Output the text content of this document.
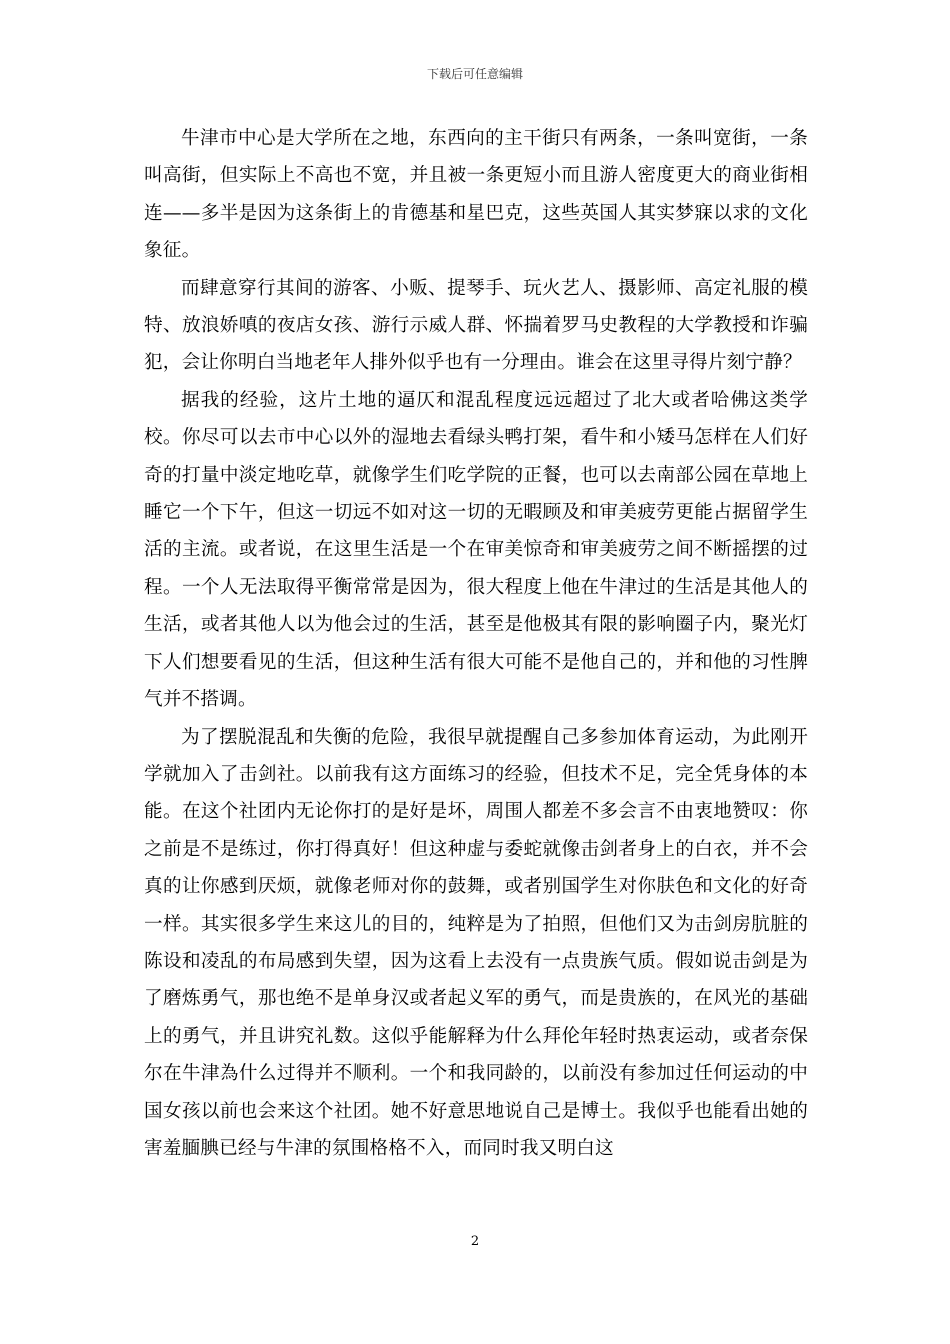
下载后可任意编辑

牛津市中心是大学所在之地，东西向的主干街只有两条，一条叫宽街，一条叫高街，但实际上不高也不宽，并且被一条更短小而且游人密度更大的商业街相连——多半是因为这条街上的肯德基和星巴克，这些英国人其实梦寐以求的文化象征。

而肆意穿行其间的游客、小贩、提琴手、玩火艺人、摄影师、高定礼服的模特、放浪娇嗔的夜店女孩、游行示威人群、怀揣着罗马史教程的大学教授和诈骗犯，会让你明白当地老年人排外似乎也有一分理由。谁会在这里寻得片刻宁静？

据我的经验，这片土地的逼仄和混乱程度远远超过了北大或者哈佛这类学校。你尽可以去市中心以外的湿地去看绿头鸭打架，看牛和小矮马怎样在人们好奇的打量中淡定地吃草，就像学生们吃学院的正餐，也可以去南部公园在草地上睡它一个下午，但这一切远不如对这一切的无暇顾及和审美疲劳更能占据留学生活的主流。或者说，在这里生活是一个在审美惊奇和审美疲劳之间不断摇摆的过程。一个人无法取得平衡常常是因为，很大程度上他在牛津过的生活是其他人的生活，或者其他人以为他会过的生活，甚至是他极其有限的影响圈子内，聚光灯下人们想要看见的生活，但这种生活有很大可能不是他自己的，并和他的习性脾气并不搭调。

为了摆脱混乱和失衡的危险，我很早就提醒自己多参加体育运动，为此刚开学就加入了击剑社。以前我有这方面练习的经验，但技术不足，完全凭身体的本能。在这个社团内无论你打的是好是坏，周围人都差不多会言不由衷地赞叹：你之前是不是练过，你打得真好！但这种虚与委蛇就像击剑者身上的白衣，并不会真的让你感到厌烦，就像老师对你的鼓舞，或者别国学生对你肤色和文化的好奇一样。其实很多学生来这儿的目的，纯粹是为了拍照，但他们又为击剑房肮脏的陈设和凌乱的布局感到失望，因为这看上去没有一点贵族气质。假如说击剑是为了磨炼勇气，那也绝不是单身汉或者起义军的勇气，而是贵族的，在风光的基础上的勇气，并且讲究礼数。这似乎能解释为什么拜伦年轻时热衷运动，或者奈保尔在牛津為什么过得并不顺利。一个和我同龄的，以前没有参加过任何运动的中国女孩以前也会来这个社团。她不好意思地说自己是博士。我似乎也能看出她的害羞腼腆已经与牛津的氛围格格不入，而同时我又明白这

2
